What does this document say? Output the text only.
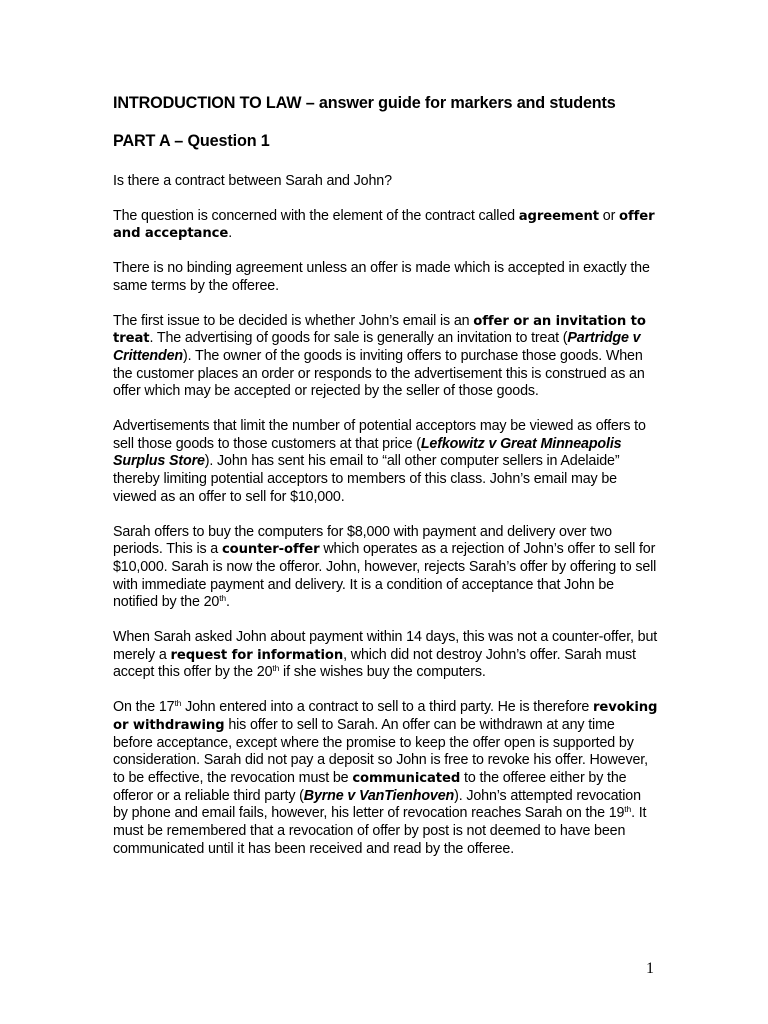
INTRODUCTION TO LAW – answer guide for markers and students
PART A – Question 1

Is there a contract between Sarah and John?

The question is concerned with the element of the contract called agreement or offer and acceptance.

There is no binding agreement unless an offer is made which is accepted in exactly the same terms by the offeree.

The first issue to be decided is whether John’s email is an offer or an invitation to treat. The advertising of goods for sale is generally an invitation to treat (Partridge v Crittenden). The owner of the goods is inviting offers to purchase those goods. When the customer places an order or responds to the advertisement this is construed as an offer which may be accepted or rejected by the seller of those goods.

Advertisements that limit the number of potential acceptors may be viewed as offers to sell those goods to those customers at that price (Lefkowitz v Great Minneapolis Surplus Store). John has sent his email to “all other computer sellers in Adelaide” thereby limiting potential acceptors to members of this class. John’s email may be viewed as an offer to sell for $10,000.

Sarah offers to buy the computers for $8,000 with payment and delivery over two periods. This is a counter-offer which operates as a rejection of John’s offer to sell for $10,000. Sarah is now the offeror. John, however, rejects Sarah’s offer by offering to sell with immediate payment and delivery. It is a condition of acceptance that John be notified by the 20th.

When Sarah asked John about payment within 14 days, this was not a counter-offer, but merely a request for information, which did not destroy John’s offer. Sarah must accept this offer by the 20th if she wishes buy the computers.

On the 17th John entered into a contract to sell to a third party. He is therefore revoking or withdrawing his offer to sell to Sarah. An offer can be withdrawn at any time before acceptance, except where the promise to keep the offer open is supported by consideration. Sarah did not pay a deposit so John is free to revoke his offer. However, to be effective, the revocation must be communicated to the offeree either by the offeror or a reliable third party (Byrne v VanTienhoven). John’s attempted revocation by phone and email fails, however, his letter of revocation reaches Sarah on the 19th. It must be remembered that a revocation of offer by post is not deemed to have been communicated until it has been received and read by the offeree.

1
